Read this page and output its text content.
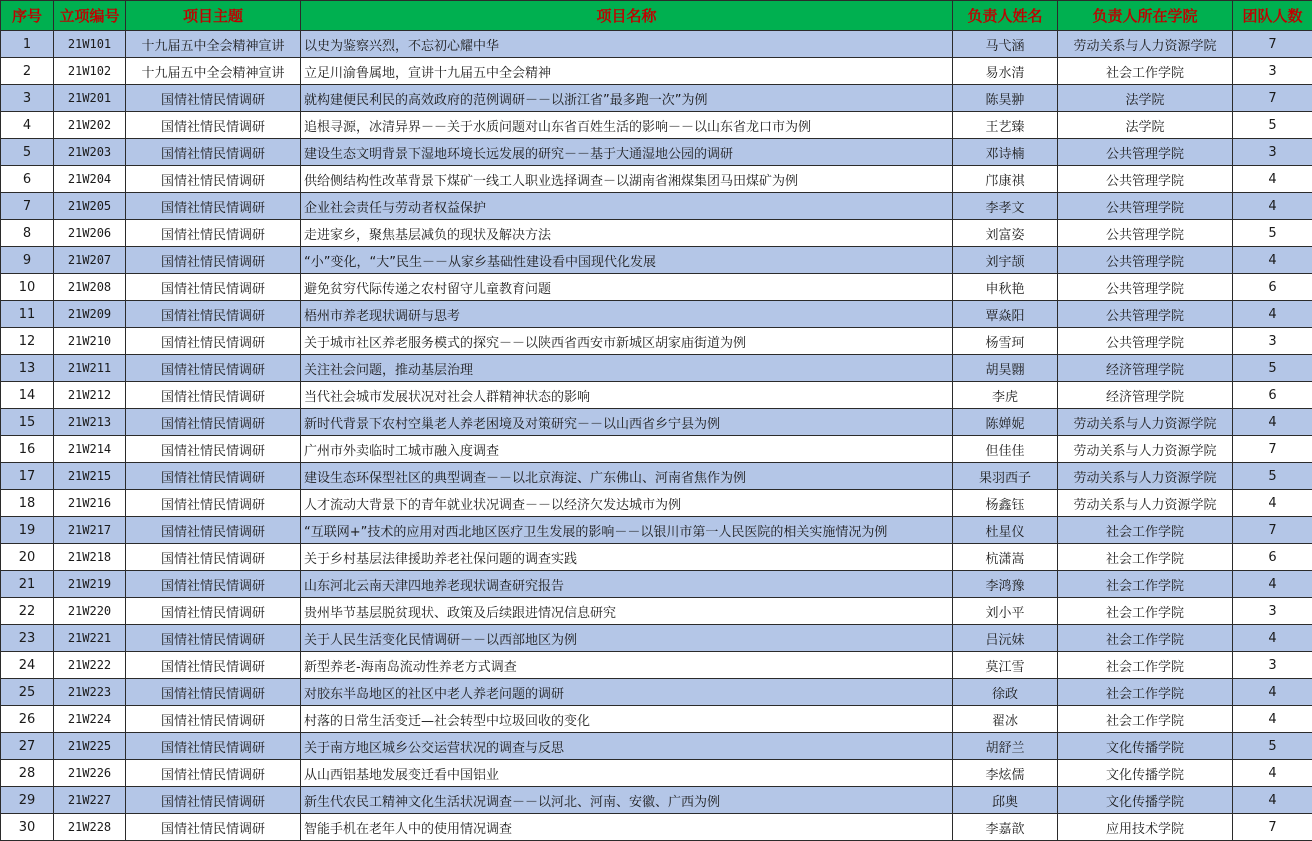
序号	立项编号	项目主题	项目名称	负责人姓名	负责人所在学院	团队人数
1	21W101	十九届五中全会精神宣讲	以史为鉴察兴烈，不忘初心耀中华	马弋涵	劳动关系与人力资源学院	7
2	21W102	十九届五中全会精神宣讲	立足川渝鲁属地，宣讲十九届五中全会精神	易水清	社会工作学院	3
3	21W201	国情社情民情调研	就构建便民利民的高效政府的范例调研－－以浙江省”最多跑一次”为例	陈昊翀	法学院	7
4	21W202	国情社情民情调研	追根寻源，冰清异界－－关于水质问题对山东省百姓生活的影响－－以山东省龙口市为例	王艺臻	法学院	5
5	21W203	国情社情民情调研	建设生态文明背景下湿地环境长远发展的研究－－基于大通湿地公园的调研	邓诗楠	公共管理学院	3
6	21W204	国情社情民情调研	供给侧结构性改革背景下煤矿一线工人职业选择调查－以湖南省湘煤集团马田煤矿为例	邝康祺	公共管理学院	4
7	21W205	国情社情民情调研	企业社会责任与劳动者权益保护	李孝文	公共管理学院	4
8	21W206	国情社情民情调研	走进家乡，聚焦基层减负的现状及解决方法	刘富姿	公共管理学院	5
9	21W207	国情社情民情调研	“小”变化，“大”民生－－从家乡基础性建设看中国现代化发展	刘宇颉	公共管理学院	4
10	21W208	国情社情民情调研	避免贫穷代际传递之农村留守儿童教育问题	申秋艳	公共管理学院	6
11	21W209	国情社情民情调研	梧州市养老现状调研与思考	覃焱阳	公共管理学院	4
12	21W210	国情社情民情调研	关于城市社区养老服务模式的探究－－以陕西省西安市新城区胡家庙街道为例	杨雪珂	公共管理学院	3
13	21W211	国情社情民情调研	关注社会问题，推动基层治理	胡昊翾	经济管理学院	5
14	21W212	国情社情民情调研	当代社会城市发展状况对社会人群精神状态的影响	李虎	经济管理学院	6
15	21W213	国情社情民情调研	新时代背景下农村空巢老人养老困境及对策研究－－以山西省乡宁县为例	陈婵妮	劳动关系与人力资源学院	4
16	21W214	国情社情民情调研	广州市外卖临时工城市融入度调查	但佳佳	劳动关系与人力资源学院	7
17	21W215	国情社情民情调研	建设生态环保型社区的典型调查－－以北京海淀、广东佛山、河南省焦作为例	果羽西子	劳动关系与人力资源学院	5
18	21W216	国情社情民情调研	人才流动大背景下的青年就业状况调查－－以经济欠发达城市为例	杨鑫钰	劳动关系与人力资源学院	4
19	21W217	国情社情民情调研	“互联网+”技术的应用对西北地区医疗卫生发展的影响－－以银川市第一人民医院的相关实施情况为例	杜星仪	社会工作学院	7
20	21W218	国情社情民情调研	关于乡村基层法律援助养老社保问题的调查实践	杭潇嵩	社会工作学院	6
21	21W219	国情社情民情调研	山东河北云南天津四地养老现状调查研究报告	李鸿豫	社会工作学院	4
22	21W220	国情社情民情调研	贵州毕节基层脱贫现状、政策及后续跟进情况信息研究	刘小平	社会工作学院	3
23	21W221	国情社情民情调研	关于人民生活变化民情调研－－以西部地区为例	吕沅妹	社会工作学院	4
24	21W222	国情社情民情调研	新型养老-海南岛流动性养老方式调查	莫江雪	社会工作学院	3
25	21W223	国情社情民情调研	对胶东半岛地区的社区中老人养老问题的调研	徐政	社会工作学院	4
26	21W224	国情社情民情调研	村落的日常生活变迁—社会转型中垃圾回收的变化	翟冰	社会工作学院	4
27	21W225	国情社情民情调研	关于南方地区城乡公交运营状况的调查与反思	胡舒兰	文化传播学院	5
28	21W226	国情社情民情调研	从山西铝基地发展变迁看中国铝业	李炫儒	文化传播学院	4
29	21W227	国情社情民情调研	新生代农民工精神文化生活状况调查－－以河北、河南、安徽、广西为例	邱奥	文化传播学院	4
30	21W228	国情社情民情调研	智能手机在老年人中的使用情况调查	李嘉歆	应用技术学院	7
